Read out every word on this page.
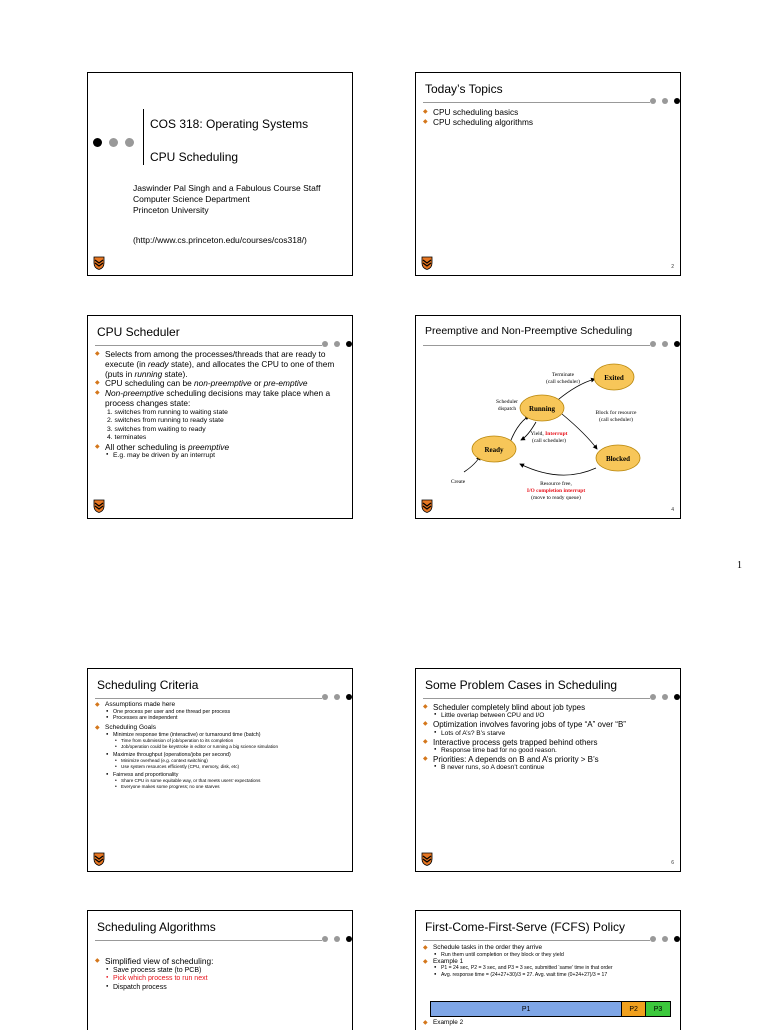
COS 318: Operating Systems
CPU Scheduling
Jaswinder Pal Singh and a Fabulous Course Staff
Computer Science Department
Princeton University
(http://www.cs.princeton.edu/courses/cos318/)
Today’s Topics
◆ CPU scheduling basics
◆ CPU scheduling algorithms
2
CPU Scheduler
◆ Selects from among the processes/threads that are ready to execute (in ready state), and allocates the CPU to one of them (puts in running state).
◆ CPU scheduling can be non-preemptive or pre-emptive
◆ Non-preemptive scheduling decisions may take place when a process changes state:
1. switches from running to waiting state
2. switches from running to ready state
3. switches from waiting to ready
4. terminates
◆ All other scheduling is preemptive
● E.g. may be driven by an interrupt
Preemptive and Non-Preemptive Scheduling
Exited
Running
Ready
Blocked
Terminate
(call scheduler)
Scheduler
dispatch
Block for resource
(call scheduler)
Yield, Interrupt
(call scheduler)
Create	Resource free,
I/O completion interrupt
(move to ready queue)
4
1
Scheduling Criteria
◆ Assumptions made here
● One process per user and one thread per process
● Processes are independent
◆ Scheduling Goals
● Minimize response time (interactive) or turnaround time (batch)
• Time from submission of job/operation to its completion
• Job/operation could be keystroke in editor or running a big science simulation
● Maximize throughput (operations/jobs per second)
• Minimize overhead (e.g. context switching)
• Use system resources efficiently (CPU, memory, disk, etc)
● Fairness and proportionality
• Share CPU in some equitable way, or that meets users’ expectations
• Everyone makes some progress; no one starves
Some Problem Cases in Scheduling
◆ Scheduler completely blind about job types
● Little overlap between CPU and I/O
◆ Optimization involves favoring jobs of type “A” over “B”
● Lots of A’s? B’s starve
◆ Interactive process gets trapped behind others
● Response time bad for no good reason.
◆ Priorities: A depends on B and A’s priority > B’s
● B never runs, so A doesn’t continue
6
Scheduling Algorithms
◆ Simplified view of scheduling:
● Save process state (to PCB)
● Pick which process to run next
● Dispatch process
First-Come-First-Serve (FCFS) Policy
◆ Schedule tasks in the order they arrive
● Run them until completion or they block or they yield
◆ Example 1
● P1 = 24 sec, P2 = 3 sec, and P3 = 3 sec, submitted ‘same’ time in that order
● Avg. response time = (24+27+30)/3 = 27. Avg. wait time (0+24+27)/3 = 17
P1	P2	P3
◆ Example 2
